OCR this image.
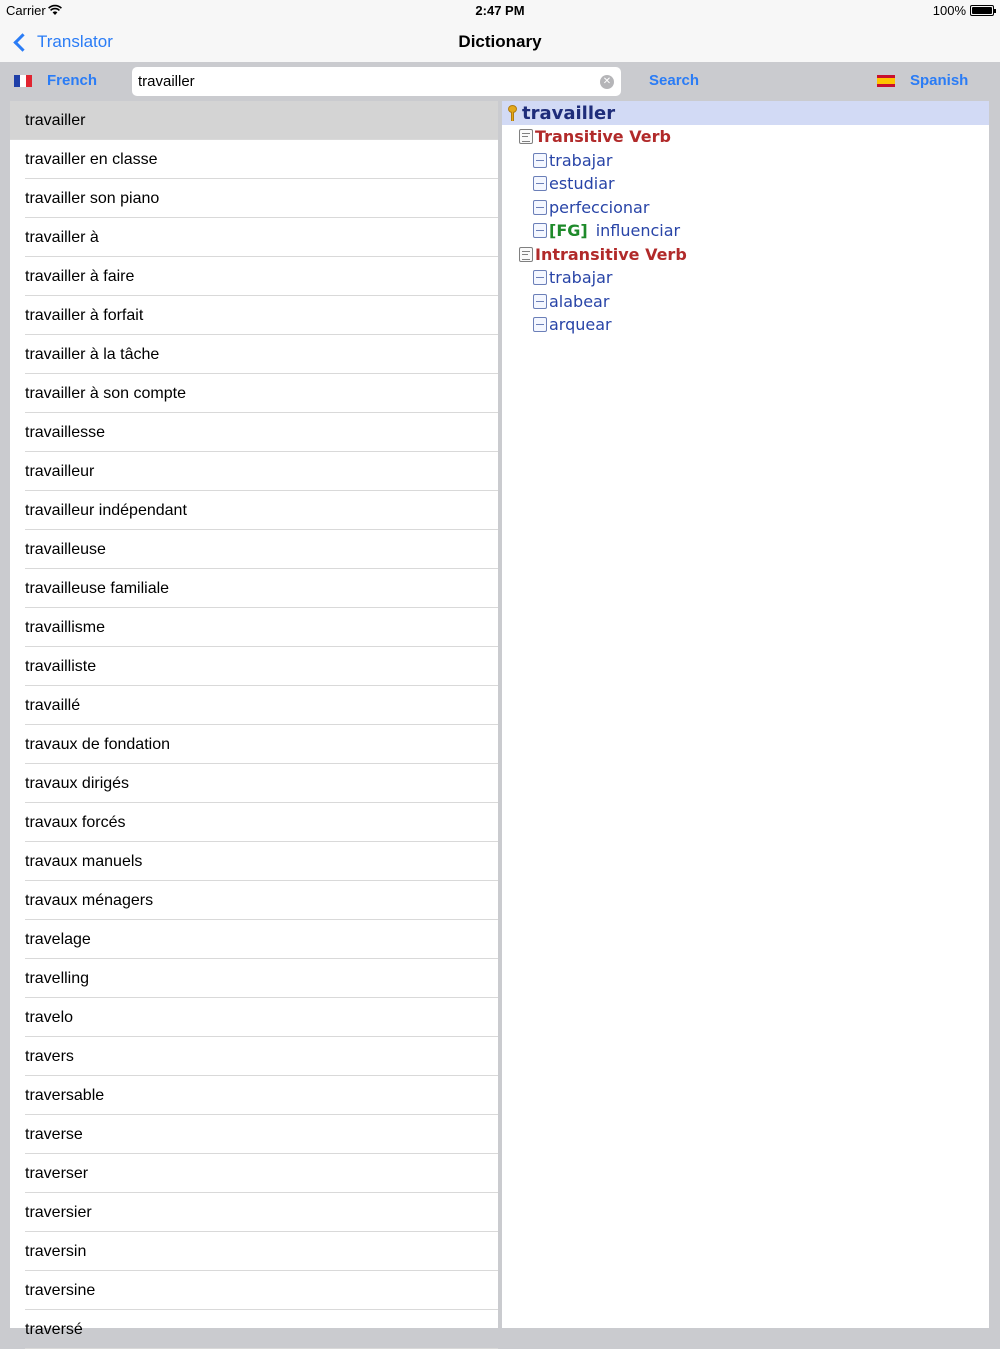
Carrier	2:47 PM	100%
Translator	Dictionary
French
travailler	✕	Search	Spanish
travailler
travailler en classe
travailler son piano
travailler à
travailler à faire
travailler à forfait
travailler à la tâche
travailler à son compte
travaillesse
travailleur
travailleur indépendant
travailleuse
travailleuse familiale
travaillisme
travailliste
travaillé
travaux de fondation
travaux dirigés
travaux forcés
travaux manuels
travaux ménagers
travelage
travelling
travelo
travers
traversable
traverse
traverser
traversier
traversin
traversine
traversé
travailler
Transitive Verb
trabajar
estudiar
perfeccionar
[FG] influenciar
Intransitive Verb
trabajar
alabear
arquear
